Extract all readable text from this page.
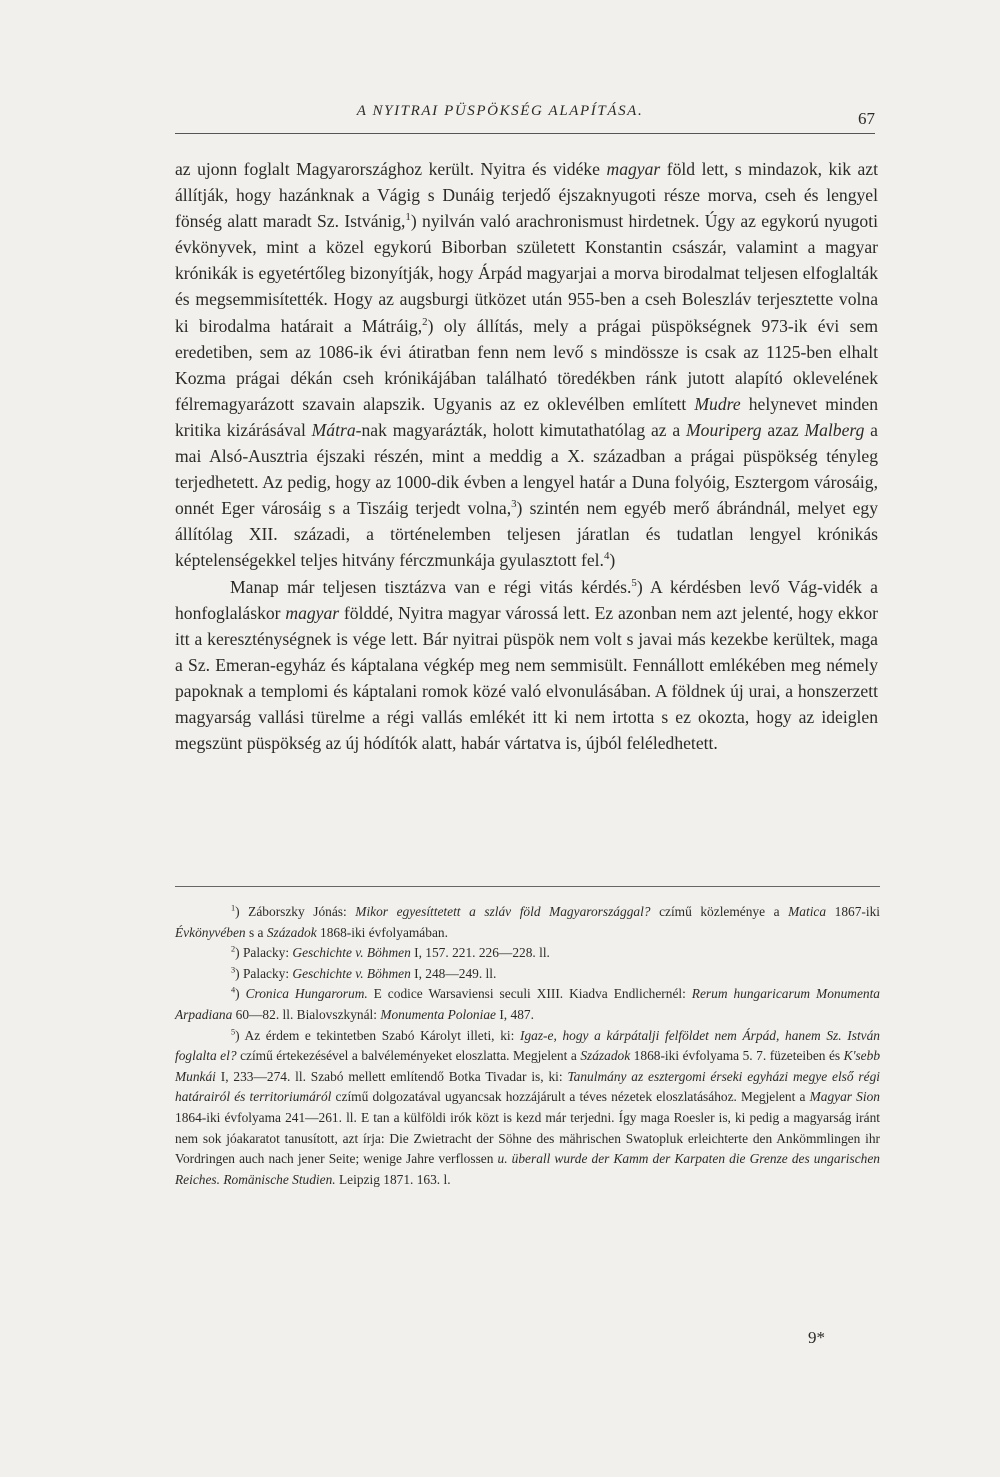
A NYITRAI PÜSPÖKSÉG ALAPÍTÁSA.	67

az ujonn foglalt Magyarországhoz került. Nyitra és vidéke magyar föld lett, s mindazok, kik azt állítják, hogy hazánknak a Vágig s Dunáig terjedő éjszaknyugoti része morva, cseh és lengyel fönség alatt maradt Sz. Istvánig,$^1$) nyilván való arachronismust hirdetnek. Úgy az egykorú nyugoti évkönyvek, mint a közel egykorú Biborban született Konstantin császár, valamint a magyar krónikák is egyetértőleg bizonyítják, hogy Árpád magyarjai a morva birodalmat teljesen elfoglalták és megsemmisítették. Hogy az augsburgi ütközet után 955-ben a cseh Boleszláv terjesztette volna ki birodalma határait a Mátráig,$^2$) oly állítás, mely a prágai püspökségnek 973-ik évi sem eredetiben, sem az 1086-ik évi átiratban fenn nem levő s mindössze is csak az 1125-ben elhalt Kozma prágai dékán cseh krónikájában található töredékben ránk jutott alapító oklevelének félremagyarázott szavain alapszik. Ugyanis az ez oklevélben említett Mudre helynevet minden kritika kizárásával Mátra-nak magyarázták, holott kimutathatólag az a Mouriperg azaz Malberg a mai Alsó-Ausztria éjszaki részén, mint a meddig a X. században a prágai püspökség tényleg terjedhetett. Az pedig, hogy az 1000-dik évben a lengyel határ a Duna folyóig, Esztergom városáig, onnét Eger városáig s a Tiszáig terjedt volna,$^3$) szintén nem egyéb merő ábrándnál, melyet egy állítólag XII. századi, a történelemben teljesen járatlan és tudatlan lengyel krónikás képtelenségekkel teljes hitvány férczmunkája gyulasztott fel.$^4$)

Manap már teljesen tisztázva van e régi vitás kérdés.$^5$) A kérdésben levő Vág-vidék a honfoglaláskor magyar földdé, Nyitra magyar várossá lett. Ez azonban nem azt jelenté, hogy ekkor itt a kereszténységnek is vége lett. Bár nyitrai püspök nem volt s javai más kezekbe kerültek, maga a Sz. Emeran-egyház és káptalana végkép meg nem semmisült. Fennállott emlékében meg némely papoknak a templomi és káptalani romok közé való elvonulásában. A földnek új urai, a honszerzett magyarság vallási türelme a régi vallás emlékét itt ki nem irtotta s ez okozta, hogy az ideiglen megszünt püspökség az új hódítók alatt, habár vártatva is, újból feléledhetett.

$^1$) Záborszky Jónás: Mikor egyesíttetett a szláv föld Magyarországgal? czímű közleménye a Matica 1867-iki Évkönyvében s a Századok 1868-iki évfolyamában.

$^2$) Palacky: Geschichte v. Böhmen I, 157. 221. 226—228. ll.

$^3$) Palacky: Geschichte v. Böhmen I, 248—249. ll.

$^4$) Cronica Hungarorum. E codice Warsaviensi seculi XIII. Kiadva Endlichernél: Rerum hungaricarum Monumenta Arpadiana 60—82. ll. Bialovszkynál: Monumenta Poloniae I, 487.

$^5$) Az érdem e tekintetben Szabó Károlyt illeti, ki: Igaz-e, hogy a kárpátalji felföldet nem Árpád, hanem Sz. István foglalta el? czímű értekezésével a balvéleményeket eloszlatta. Megjelent a Századok 1868-iki évfolyama 5. 7. füzeteiben és K'sebb Munkái I, 233—274. ll. Szabó mellett említendő Botka Tivadar is, ki: Tanulmány az esztergomi érseki egyházi megye első régi határairól és territoriumáról czímű dolgozatával ugyancsak hozzájárult a téves nézetek eloszlatásához. Megjelent a Magyar Sion 1864-iki évfolyama 241—261. ll. E tan a külföldi irók közt is kezd már terjedni. Így maga Roesler is, ki pedig a magyarság iránt nem sok jóakaratot tanusított, azt írja: Die Zwietracht der Söhne des mährischen Swatopluk erleichterte den Ankömmlingen ihr Vordringen auch nach jener Seite; wenige Jahre verflossen u. überall wurde der Kamm der Karpaten die Grenze des ungarischen Reiches. Romänische Studien. Leipzig 1871. 163. l.

9*
